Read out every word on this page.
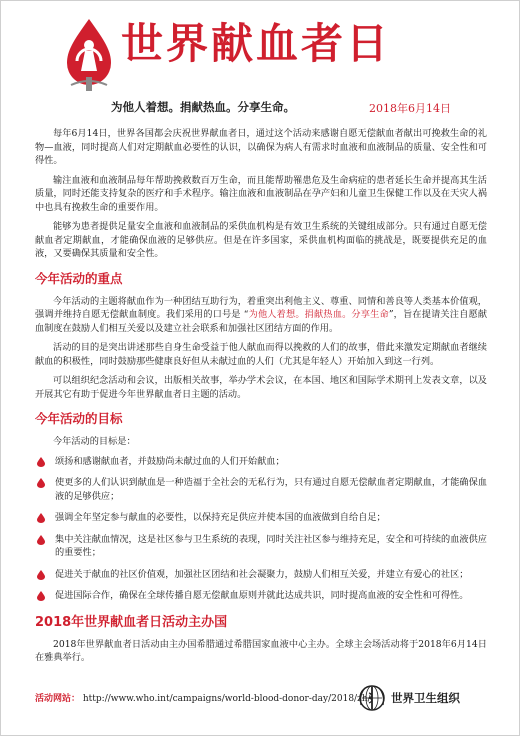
世界献血者日
为他人着想。捐献热血。分享生命。	2018年6月14日

每年6月14日，世界各国都会庆祝世界献血者日，通过这个活动来感谢自愿无偿献血者献出可挽救生命的礼物—血液，同时提高人们对定期献血必要性的认识，以确保为病人有需求时血液和血液制品的质量、安全性和可得性。

输注血液和血液制品每年帮助挽救数百万生命，而且能帮助罹患危及生命病症的患者延长生命并提高其生活质量，同时还能支持复杂的医疗和手术程序。输注血液和血液制品在孕产妇和儿童卫生保健工作以及在天灾人祸中也具有挽救生命的重要作用。

能够为患者提供足量安全血液和血液制品的采供血机构是有效卫生系统的关键组成部分。只有通过自愿无偿献血者定期献血，才能确保血液的足够供应。但是在许多国家，采供血机构面临的挑战是，既要提供充足的血液，又要确保其质量和安全性。

今年活动的重点

今年活动的主题将献血作为一种团结互助行为，着重突出利他主义、尊重、同情和善良等人类基本价值观，强调并维持自愿无偿献血制度。我们采用的口号是 “为他人着想。捐献热血。分享生命”，旨在提请关注自愿献血制度在鼓励人们相互关爱以及建立社会联系和加强社区团结方面的作用。

活动的目的是突出讲述那些自身生命受益于他人献血而得以挽救的人们的故事，借此来激发定期献血者继续献血的积极性，同时鼓励那些健康良好但从未献过血的人们（尤其是年轻人）开始加入到这一行列。

可以组织纪念活动和会议，出版相关故事，举办学术会议，在本国、地区和国际学术期刊上发表文章，以及开展其它有助于促进今年世界献血者日主题的活动。

今年活动的目标

今年活动的目标是：

颂扬和感谢献血者，并鼓励尚未献过血的人们开始献血；
使更多的人们认识到献血是一种造福于全社会的无私行为，只有通过自愿无偿献血者定期献血，才能确保血液的足够供应；
强调全年坚定参与献血的必要性，以保持充足供应并使本国的血液做到自给自足；
集中关注献血情况，这是社区参与卫生系统的表现，同时关注社区参与维持充足，安全和可持续的血液供应的重要性；
促进关于献血的社区价值观，加强社区团结和社会凝聚力，鼓励人们相互关爱，并建立有爱心的社区；
促进国际合作，确保在全球传播自愿无偿献血原则并就此达成共识，同时提高血液的安全性和可得性。
2018年世界献血者日活动主办国

2018年世界献血者日活动由主办国希腊通过希腊国家血液中心主办。全球主会场活动将于2018年6月14日在雅典举行。

活动网站： http://www.who.int/campaigns/world-blood-donor-day/2018/zh/	世界卫生组织
